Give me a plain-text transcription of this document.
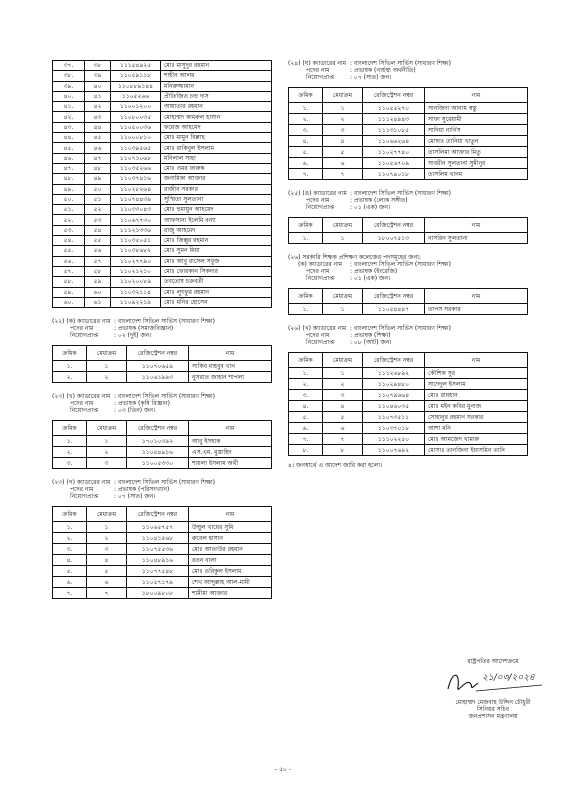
৩৭.	৩৮	১১১৫৪৯২৫	মোঃ মাসুদুর রহমান
৩৮.	৩৯	১১০৫৯১১৮	শাহীন আলম
৩৯.	৪০	১১০৮৮৯১৪৪	মনিরুজ্জামান
৪০.	৪১	১১০৫২৬৬	প্রীতিজিত চন্দ্র দাস
৪১.	৪২	১১০০১২০০	আয়াতার রহমান
৪২.	৪৩	১১০৮০০৩৫	মোহাম্মদ কামরুল হাসান
৪৩.	৪৪	১১০৫০০৩৬	ফয়েজ আহমেদ
৪৪.	৪৫	১১০০০৮১০	মোঃ মামুন বিল্লাহ
৪৫.	৪৬	১১০৩৯৫৬৫	মোঃ রাকিবুল ইসলাম
৪৬.	৪৭	১১০৭১০৬৮	মনিলাল সাহা
৪৭.	৪৮	১১০৩৫২৬৬	মোঃ ওমর ফারুক
৪৮.	৪৯	১১০৩৭৪১৬	জনামিকা আক্তার
৪৯.	৫০	১১০২৮২৬৪	রাজীব সরকার
৫০.	৫১	১১০৭৪৪৩৯	সুস্মিতা সুলতানা
৫১.	৫২	১১০৩৩০৪৩	মোঃ হুমায়ুন আহমেদ
৫২.	৫৩	১১০৬৭৭৩০	আফসানা ইলেমি বন্যা
৫৩.	৫৪	১১১২১৩৩৬	রাজু আহমেদ
৫৪.	৫৫	১১০৩৫০৫১	মোঃ জিল্লুর রহমান
৫৫.	৫৬	১১০৩৮৬৮২	মোঃ সুমন মিয়া
৫৬.	৫৭	১১০২৭৭৯০	মোঃ আবু রাসেল সবুজ
৫৭.	৫৮	১১০২১২১০	মোঃ ফোরকান সিকদার
৫৮.	৫৯	১১০২০০৮৯	তবতোষ চক্রবর্তী
৫৯.	৬০	১১০৩২১১৪	মোঃ লুৎফুর রহমান
৬০.	৬১	১১০৯২২১৯	মোঃ মনির হোসেন
(২২) (ক) ক্যাডারের নাম : বাংলাদেশ সিভিল সার্ভিস (সাধারণ শিক্ষা)
পদের নাম	: প্রভাষক (সমাজবিজ্ঞান)
নিয়োগপ্রাপ্ত	: ০২ (দুই) জন।
ক্রমিক	মেধাক্রম	রেজিস্ট্রেশন নম্বর	নাম
১.	১	১১০৭০৬৫৯	সাকিব মাহবুব খান
২.	২	১১০৬১৯৯৩	নুসরাত জাহান শাপলা
(২৩) (খ) ক্যাডারের নাম : বাংলাদেশ সিভিল সার্ভিস (সাধারণ শিক্ষা)
পদের নাম	: প্রভাষক (কৃষি বিজ্ঞান)
নিয়োগপ্রাপ্ত	: ০৩ (তিন) জন।
ক্রমিক	মেধাক্রম	রেজিস্ট্রেশন নম্বর	নাম
১.	১	১৭০১০৩৯২	আবু ইসহাক
২.	২	১১০৫৪৯১৬	এস.এম. মুস্তাহিদ
৩.	৩	১১০০৫৩৩০	শায়লা ইসলাম অর্থী
(২৩) (গ) ক্যাডারের নাম : বাংলাদেশ সিভিল সার্ভিস (সাধারণ শিক্ষা)
পদের নাম	: প্রভাষক (পরিসংখ্যান)
নিয়োগপ্রাপ্ত	: ০৭ (সাত) জন।
ক্রমিক	মেধাক্রম	রেজিস্ট্রেশন নম্বর	নাম
১.	১	১১০৬৫৭৫৭	উম্মুল খায়ের সুমি
২.	২	১১০৪১৫৬৮	রুবেল হাসান
৩.	৩	১১০৭৫৫৩৬	মোঃ আতাউর রহমান
৪.	৪	১১০৪৮৯১৬	রতন বালা
৫.	৫	১১০৭৭৫৪৮	মোঃ তরিকুল ইসলাম
৬.	৬	১১০৫৭১৭৯	শেখ আব্দুল্লাহ আল-মামী
৭.	৭	১৮০০৯৮০৮	শামীমা আক্তার
(২৪) (ঘ) ক্যাডারের নাম : বাংলাদেশ সিভিল সার্ভিস (সাধারণ শিক্ষা)
পদের নাম	: প্রভাষক (গার্হস্থ্য অর্থনীতি)
নিয়োগপ্রাপ্ত	: ০৭ (সাত) জন।
ক্রমিক	মেধাক্রম	রেজিস্ট্রেশন নম্বর	নাম
১.	১	১১০৫৫২৭০	সানজিদা আনাম স্বস্তু
২.	২	১১১২৪৯৪৩	সাফা সুরেয়ামী
৩.	৩	১১১৩১০৮৫	সাদিয়া নার্গিস
৪.	৪	১১০৬৬২৬৪	মোছাঃ তানিয়া খাতুন
৫.	৫	১১০২৭৭৪০	তাসলিমা আক্তার মিতু
৬.	৬	১১০৫৬৭০৯	সাবরীন সুলতানা সুমীনুর
৭.	৭	১১০৭৯০১৮	তাসলিম খানম
(২৫) (ঙ) ক্যাডারের নাম : বাংলাদেশ সিভিল সার্ভিস (সাধারণ শিক্ষা)
পদের নাম	: প্রভাষক (লোক সঙ্গীত)
নিয়োগপ্রাপ্ত	: ০১ (এক) জন।
ক্রমিক	মেধাক্রম	রেজিস্ট্রেশন নম্বর	নাম
১.	১	১৮০০৭৫১৩	নাসরিন সুলতানা
(২৬) সরকারি শিক্ষক প্রশিক্ষণ কলেজের পদসমূহের জন্য:
(ক) ক্যাডারের নাম	: বাংলাদেশ সিভিল সার্ভিস (সাধারণ শিক্ষা)
পদের নাম	: প্রভাষক (ইংরেজি)
নিয়োগপ্রাপ্ত	: ০১ (এক) জন।
ক্রমিক	মেধাক্রম	রেজিস্ট্রেশন নম্বর	নাম
১.	১	১১০৫৪৪৪৭	তাপস সরকার
(২৬) (খ) ক্যাডারের নাম : বাংলাদেশ সিভিল সার্ভিস (সাধারণ শিক্ষা)
পদের নাম	: প্রভাষক (শিক্ষা)
নিয়োগপ্রাপ্ত	: ০৮ (আট) জন।
ক্রমিক	মেধাক্রম	রেজিস্ট্রেশন নম্বর	নাম
১.	১	১১১২৬৮৯২	কৌশিক সুর
২.	২	১১০২৯৪৮০	সাদেদুল ইসলাম
৩.	৩	১১০৭৯৬৬৪	মোঃ রায়হান
৪.	৪	১১০৪৬০৩৫	মোঃ মইন কবির মুনাজ
৫.	৫	১১০৭৩৫১১	সোহানুর রহমান সরকার
৬.	৬	১১০৩৭০১৮	আশা মনি
৭.	৭	১১১০২২৫০	মোঃ আমজেদ খামারু
৮.	৮	১১০০৭৬৪২	মোসাঃ তানজিনা ইয়াসমিন তানি
৪। জনস্বার্থে এ আদেশ জারি করা হলো।
রাষ্ট্রপতির আদেশক্রমে
২১/০৩/২০২৪
মোহাম্মদ মেজবাহ উদ্দিন চৌধুরী
সিনিয়র সচিব
জনপ্রশাসন মন্ত্রণালয়
- ৫০ -
